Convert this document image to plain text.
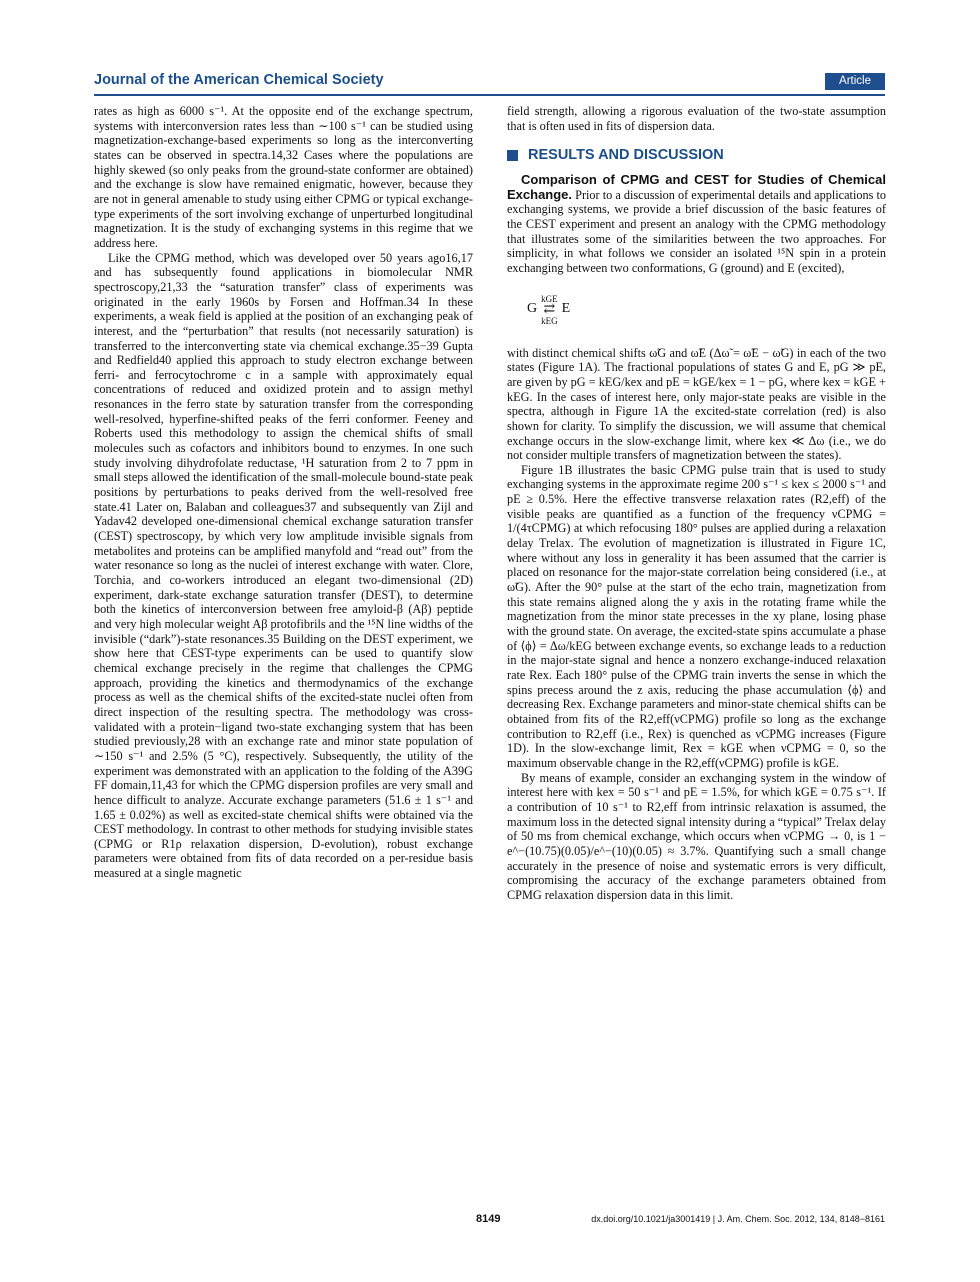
Journal of the American Chemical Society	Article

rates as high as 6000 s⁻¹. At the opposite end of the exchange spectrum, systems with interconversion rates less than ∼100 s⁻¹ can be studied using magnetization-exchange-based experiments so long as the interconverting states can be observed in spectra.14,32 Cases where the populations are highly skewed (so only peaks from the ground-state conformer are obtained) and the exchange is slow have remained enigmatic, however, because they are not in general amenable to study using either CPMG or typical exchange-type experiments of the sort involving exchange of unperturbed longitudinal magnetization. It is the study of exchanging systems in this regime that we address here.

Like the CPMG method, which was developed over 50 years ago16,17 and has subsequently found applications in biomolecular NMR spectroscopy,21,33 the “saturation transfer” class of experiments was originated in the early 1960s by Forsen and Hoffman.34 In these experiments, a weak field is applied at the position of an exchanging peak of interest, and the “perturbation” that results (not necessarily saturation) is transferred to the interconverting state via chemical exchange.35−39 Gupta and Redfield40 applied this approach to study electron exchange between ferri- and ferrocytochrome c in a sample with approximately equal concentrations of reduced and oxidized protein and to assign methyl resonances in the ferro state by saturation transfer from the corresponding well-resolved, hyperfine-shifted peaks of the ferri conformer. Feeney and Roberts used this methodology to assign the chemical shifts of small molecules such as cofactors and inhibitors bound to enzymes. In one such study involving dihydrofolate reductase, ¹H saturation from 2 to 7 ppm in small steps allowed the identification of the small-molecule bound-state peak positions by perturbations to peaks derived from the well-resolved free state.41 Later on, Balaban and colleagues37 and subsequently van Zijl and Yadav42 developed one-dimensional chemical exchange saturation transfer (CEST) spectroscopy, by which very low amplitude invisible signals from metabolites and proteins can be amplified manyfold and “read out” from the water resonance so long as the nuclei of interest exchange with water. Clore, Torchia, and co-workers introduced an elegant two-dimensional (2D) experiment, dark-state exchange saturation transfer (DEST), to determine both the kinetics of interconversion between free amyloid-β (Aβ) peptide and very high molecular weight Aβ protofibrils and the ¹⁵N line widths of the invisible (“dark”)-state resonances.35 Building on the DEST experiment, we show here that CEST-type experiments can be used to quantify slow chemical exchange precisely in the regime that challenges the CPMG approach, providing the kinetics and thermodynamics of the exchange process as well as the chemical shifts of the excited-state nuclei often from direct inspection of the resulting spectra. The methodology was cross-validated with a protein−ligand two-state exchanging system that has been studied previously,28 with an exchange rate and minor state population of ∼150 s⁻¹ and 2.5% (5 °C), respectively. Subsequently, the utility of the experiment was demonstrated with an application to the folding of the A39G FF domain,11,43 for which the CPMG dispersion profiles are very small and hence difficult to analyze. Accurate exchange parameters (51.6 ± 1 s⁻¹ and 1.65 ± 0.02%) as well as excited-state chemical shifts were obtained via the CEST methodology. In contrast to other methods for studying invisible states (CPMG or R1ρ relaxation dispersion, D-evolution), robust exchange parameters were obtained from fits of data recorded on a per-residue basis measured at a single magnetic

field strength, allowing a rigorous evaluation of the two-state assumption that is often used in fits of dispersion data.

RESULTS AND DISCUSSION

Comparison of CPMG and CEST for Studies of Chemical Exchange. Prior to a discussion of experimental details and applications to exchanging systems, we provide a brief discussion of the basic features of the CEST experiment and present an analogy with the CPMG methodology that illustrates some of the similarities between the two approaches. For simplicity, in what follows we consider an isolated ¹⁵N spin in a protein exchanging between two conformations, G (ground) and E (excited),

G
kGE
⇄
kEG
E

with distinct chemical shifts ω̃G and ω̃E (Δω̃ = ω̃E − ω̃G) in each of the two states (Figure 1A). The fractional populations of states G and E, pG ≫ pE, are given by pG = kEG/kex and pE = kGE/kex = 1 − pG, where kex = kGE + kEG. In the cases of interest here, only major-state peaks are visible in the spectra, although in Figure 1A the excited-state correlation (red) is also shown for clarity. To simplify the discussion, we will assume that chemical exchange occurs in the slow-exchange limit, where kex ≪ Δω (i.e., we do not consider multiple transfers of magnetization between the states).

Figure 1B illustrates the basic CPMG pulse train that is used to study exchanging systems in the approximate regime 200 s⁻¹ ≤ kex ≤ 2000 s⁻¹ and pE ≥ 0.5%. Here the effective transverse relaxation rates (R2,eff) of the visible peaks are quantified as a function of the frequency νCPMG = 1/(4τCPMG) at which refocusing 180° pulses are applied during a relaxation delay Trelax. The evolution of magnetization is illustrated in Figure 1C, where without any loss in generality it has been assumed that the carrier is placed on resonance for the major-state correlation being considered (i.e., at ω̃G). After the 90° pulse at the start of the echo train, magnetization from this state remains aligned along the y axis in the rotating frame while the magnetization from the minor state precesses in the xy plane, losing phase with the ground state. On average, the excited-state spins accumulate a phase of ⟨ϕ⟩ = Δω/kEG between exchange events, so exchange leads to a reduction in the major-state signal and hence a nonzero exchange-induced relaxation rate Rex. Each 180° pulse of the CPMG train inverts the sense in which the spins precess around the z axis, reducing the phase accumulation ⟨ϕ⟩ and decreasing Rex. Exchange parameters and minor-state chemical shifts can be obtained from fits of the R2,eff(νCPMG) profile so long as the exchange contribution to R2,eff (i.e., Rex) is quenched as νCPMG increases (Figure 1D). In the slow-exchange limit, Rex = kGE when νCPMG = 0, so the maximum observable change in the R2,eff(νCPMG) profile is kGE.

By means of example, consider an exchanging system in the window of interest here with kex = 50 s⁻¹ and pE = 1.5%, for which kGE = 0.75 s⁻¹. If a contribution of 10 s⁻¹ to R2,eff from intrinsic relaxation is assumed, the maximum loss in the detected signal intensity during a “typical” Trelax delay of 50 ms from chemical exchange, which occurs when νCPMG → 0, is 1 − e^−(10.75)(0.05)/e^−(10)(0.05) ≈ 3.7%. Quantifying such a small change accurately in the presence of noise and systematic errors is very difficult, compromising the accuracy of the exchange parameters obtained from CPMG relaxation dispersion data in this limit.

8149	dx.doi.org/10.1021/ja3001419 | J. Am. Chem. Soc. 2012, 134, 8148−8161
